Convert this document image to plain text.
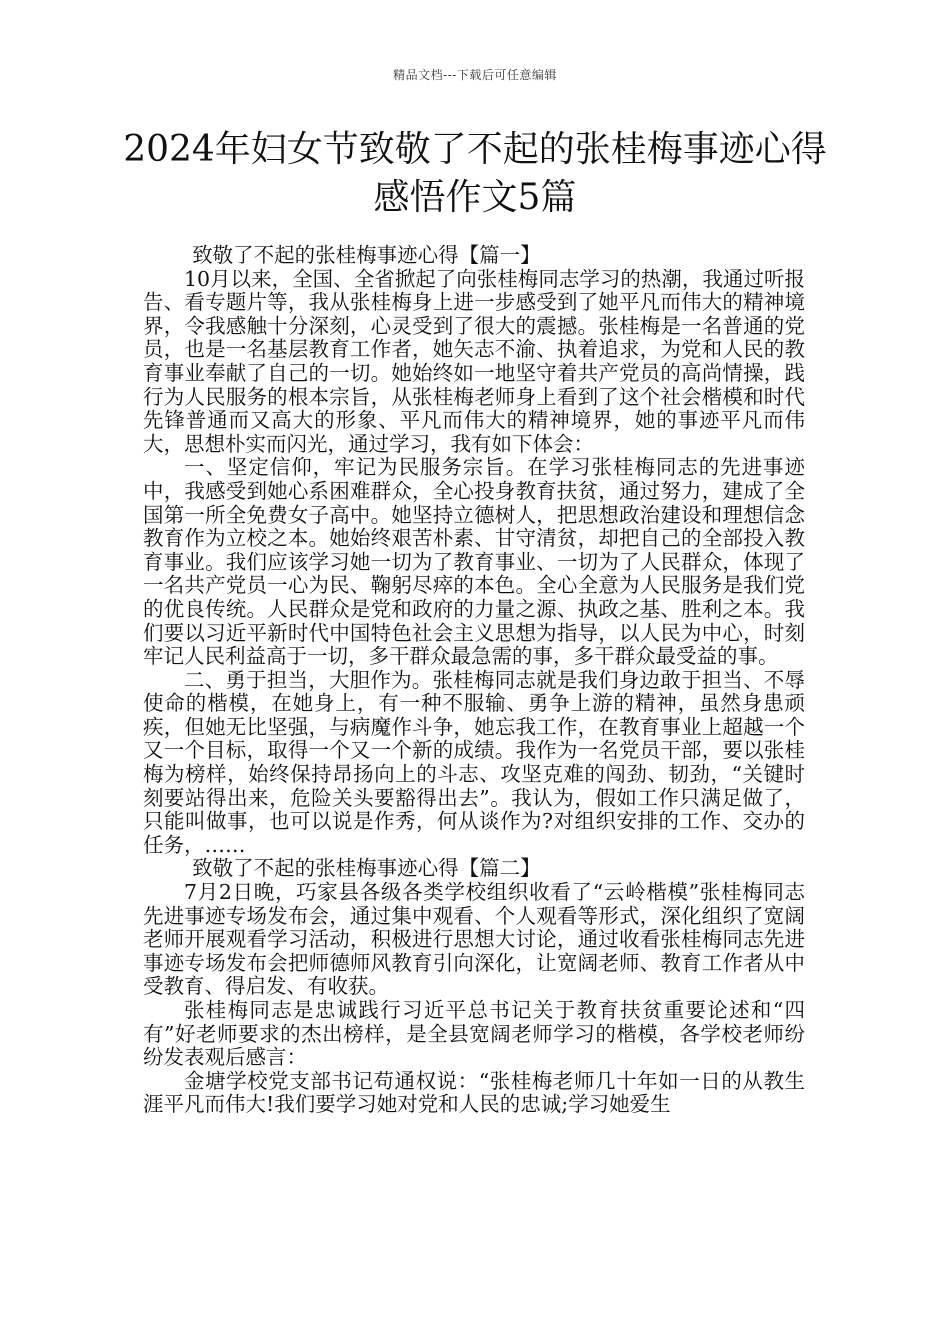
精品文档---下载后可任意编辑
2024年妇女节致敬了不起的张桂梅事迹心得感悟作文5篇

致敬了不起的张桂梅事迹心得【篇一】

10月以来，全国、全省掀起了向张桂梅同志学习的热潮，我通过听报告、看专题片等，我从张桂梅身上进一步感受到了她平凡而伟大的精神境界，令我感触十分深刻，心灵受到了很大的震撼。张桂梅是一名普通的党员，也是一名基层教育工作者，她矢志不渝、执着追求，为党和人民的教育事业奉献了自己的一切。她始终如一地坚守着共产党员的高尚情操，践行为人民服务的根本宗旨，从张桂梅老师身上看到了这个社会楷模和时代先锋普通而又高大的形象、平凡而伟大的精神境界，她的事迹平凡而伟大，思想朴实而闪光，通过学习，我有如下体会：

一、坚定信仰，牢记为民服务宗旨。在学习张桂梅同志的先进事迹中，我感受到她心系困难群众，全心投身教育扶贫，通过努力，建成了全国第一所全免费女子高中。她坚持立德树人，把思想政治建设和理想信念教育作为立校之本。她始终艰苦朴素、甘守清贫，却把自己的全部投入教育事业。我们应该学习她一切为了教育事业、一切为了人民群众，体现了一名共产党员一心为民、鞠躬尽瘁的本色。全心全意为人民服务是我们党的优良传统。人民群众是党和政府的力量之源、执政之基、胜利之本。我们要以习近平新时代中国特色社会主义思想为指导，以人民为中心，时刻牢记人民利益高于一切，多干群众最急需的事，多干群众最受益的事。

二、勇于担当，大胆作为。张桂梅同志就是我们身边敢于担当、不辱使命的楷模，在她身上，有一种不服输、勇争上游的精神，虽然身患顽疾，但她无比坚强，与病魔作斗争，她忘我工作，在教育事业上超越一个又一个目标，取得一个又一个新的成绩。我作为一名党员干部，要以张桂梅为榜样，始终保持昂扬向上的斗志、攻坚克难的闯劲、韧劲，“关键时刻要站得出来，危险关头要豁得出去”。我认为，假如工作只满足做了，只能叫做事，也可以说是作秀，何从谈作为?对组织安排的工作、交办的任务，……

致敬了不起的张桂梅事迹心得【篇二】

7月2日晚，巧家县各级各类学校组织收看了“云岭楷模”张桂梅同志先进事迹专场发布会，通过集中观看、个人观看等形式，深化组织了宽阔老师开展观看学习活动，积极进行思想大讨论，通过收看张桂梅同志先进事迹专场发布会把师德师风教育引向深化，让宽阔老师、教育工作者从中受教育、得启发、有收获。

张桂梅同志是忠诚践行习近平总书记关于教育扶贫重要论述和“四有”好老师要求的杰出榜样，是全县宽阔老师学习的楷模，各学校老师纷纷发表观后感言：

金塘学校党支部书记苟通权说：“张桂梅老师几十年如一日的从教生涯平凡而伟大!我们要学习她对党和人民的忠诚;学习她爱生
